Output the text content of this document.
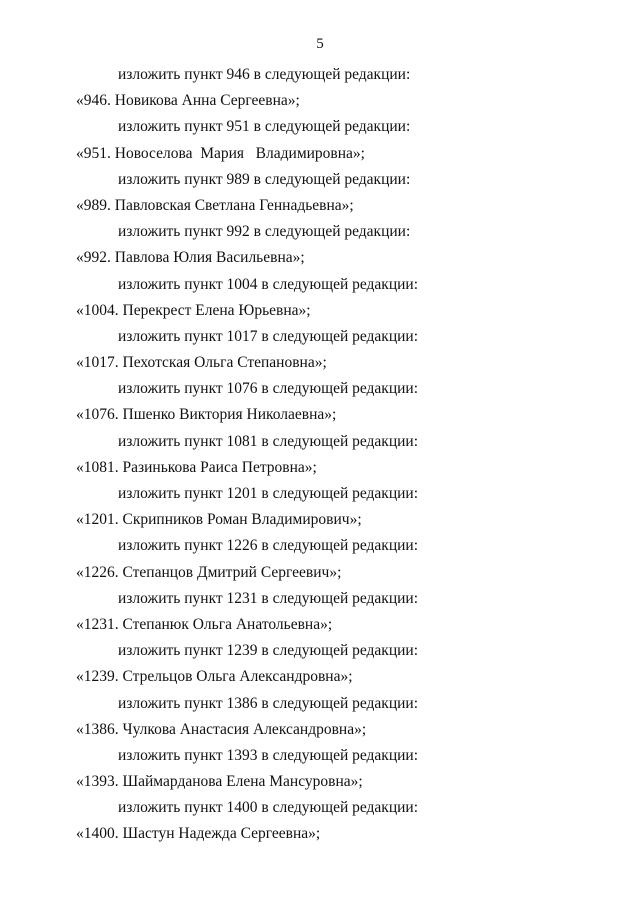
5
изложить пункт 946 в следующей редакции:
«946. Новикова Анна Сергеевна»;
изложить пункт 951 в следующей редакции:
«951. Новоселова  Мария   Владимировна»;
изложить пункт 989 в следующей редакции:
«989. Павловская Светлана Геннадьевна»;
изложить пункт 992 в следующей редакции:
«992. Павлова Юлия Васильевна»;
изложить пункт 1004 в следующей редакции:
«1004. Перекрест Елена Юрьевна»;
изложить пункт 1017 в следующей редакции:
«1017. Пехотская Ольга Степановна»;
изложить пункт 1076 в следующей редакции:
«1076. Пшенко Виктория Николаевна»;
изложить пункт 1081 в следующей редакции:
«1081. Разинькова Раиса Петровна»;
изложить пункт 1201 в следующей редакции:
«1201. Скрипников Роман Владимирович»;
изложить пункт 1226 в следующей редакции:
«1226. Степанцов Дмитрий Сергеевич»;
изложить пункт 1231 в следующей редакции:
«1231. Степанюк Ольга Анатольевна»;
изложить пункт 1239 в следующей редакции:
«1239. Стрельцов Ольга Александровна»;
изложить пункт 1386 в следующей редакции:
«1386. Чулкова Анастасия Александровна»;
изложить пункт 1393 в следующей редакции:
«1393. Шаймарданова Елена Мансуровна»;
изложить пункт 1400 в следующей редакции:
«1400. Шастун Надежда Сергеевна»;
